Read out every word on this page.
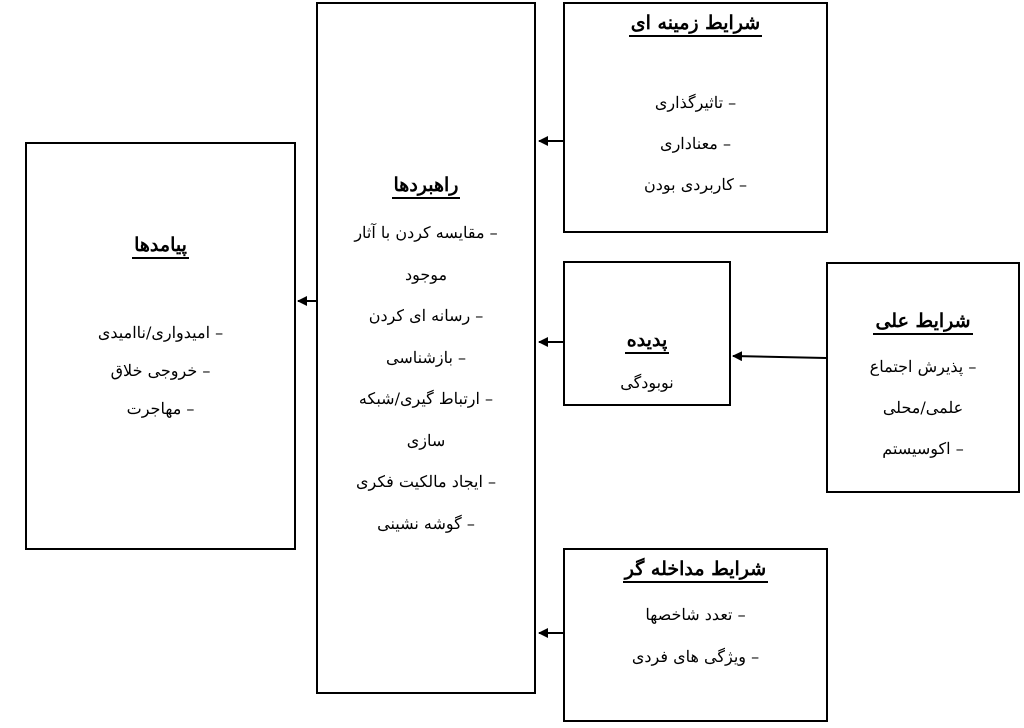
پیامدها
– امیدواری/ناامیدی
– خروجی خلاق
– مهاجرت
راهبردها
– مقایسه کردن با آثار
موجود
– رسانه ای کردن
– بازشناسی
– ارتباط گیری/شبکه
سازی
– ایجاد مالکیت فکری
– گوشه نشینی
شرایط زمینه ای
– تاثیرگذاری
– معناداری
– کاربردی بودن
پدیده
نوبودگی
شرایط علی
– پذیرش اجتماع
علمی/محلی
– اکوسیستم
شرایط مداخله گر
– تعدد شاخصها
– ویژگی های فردی
